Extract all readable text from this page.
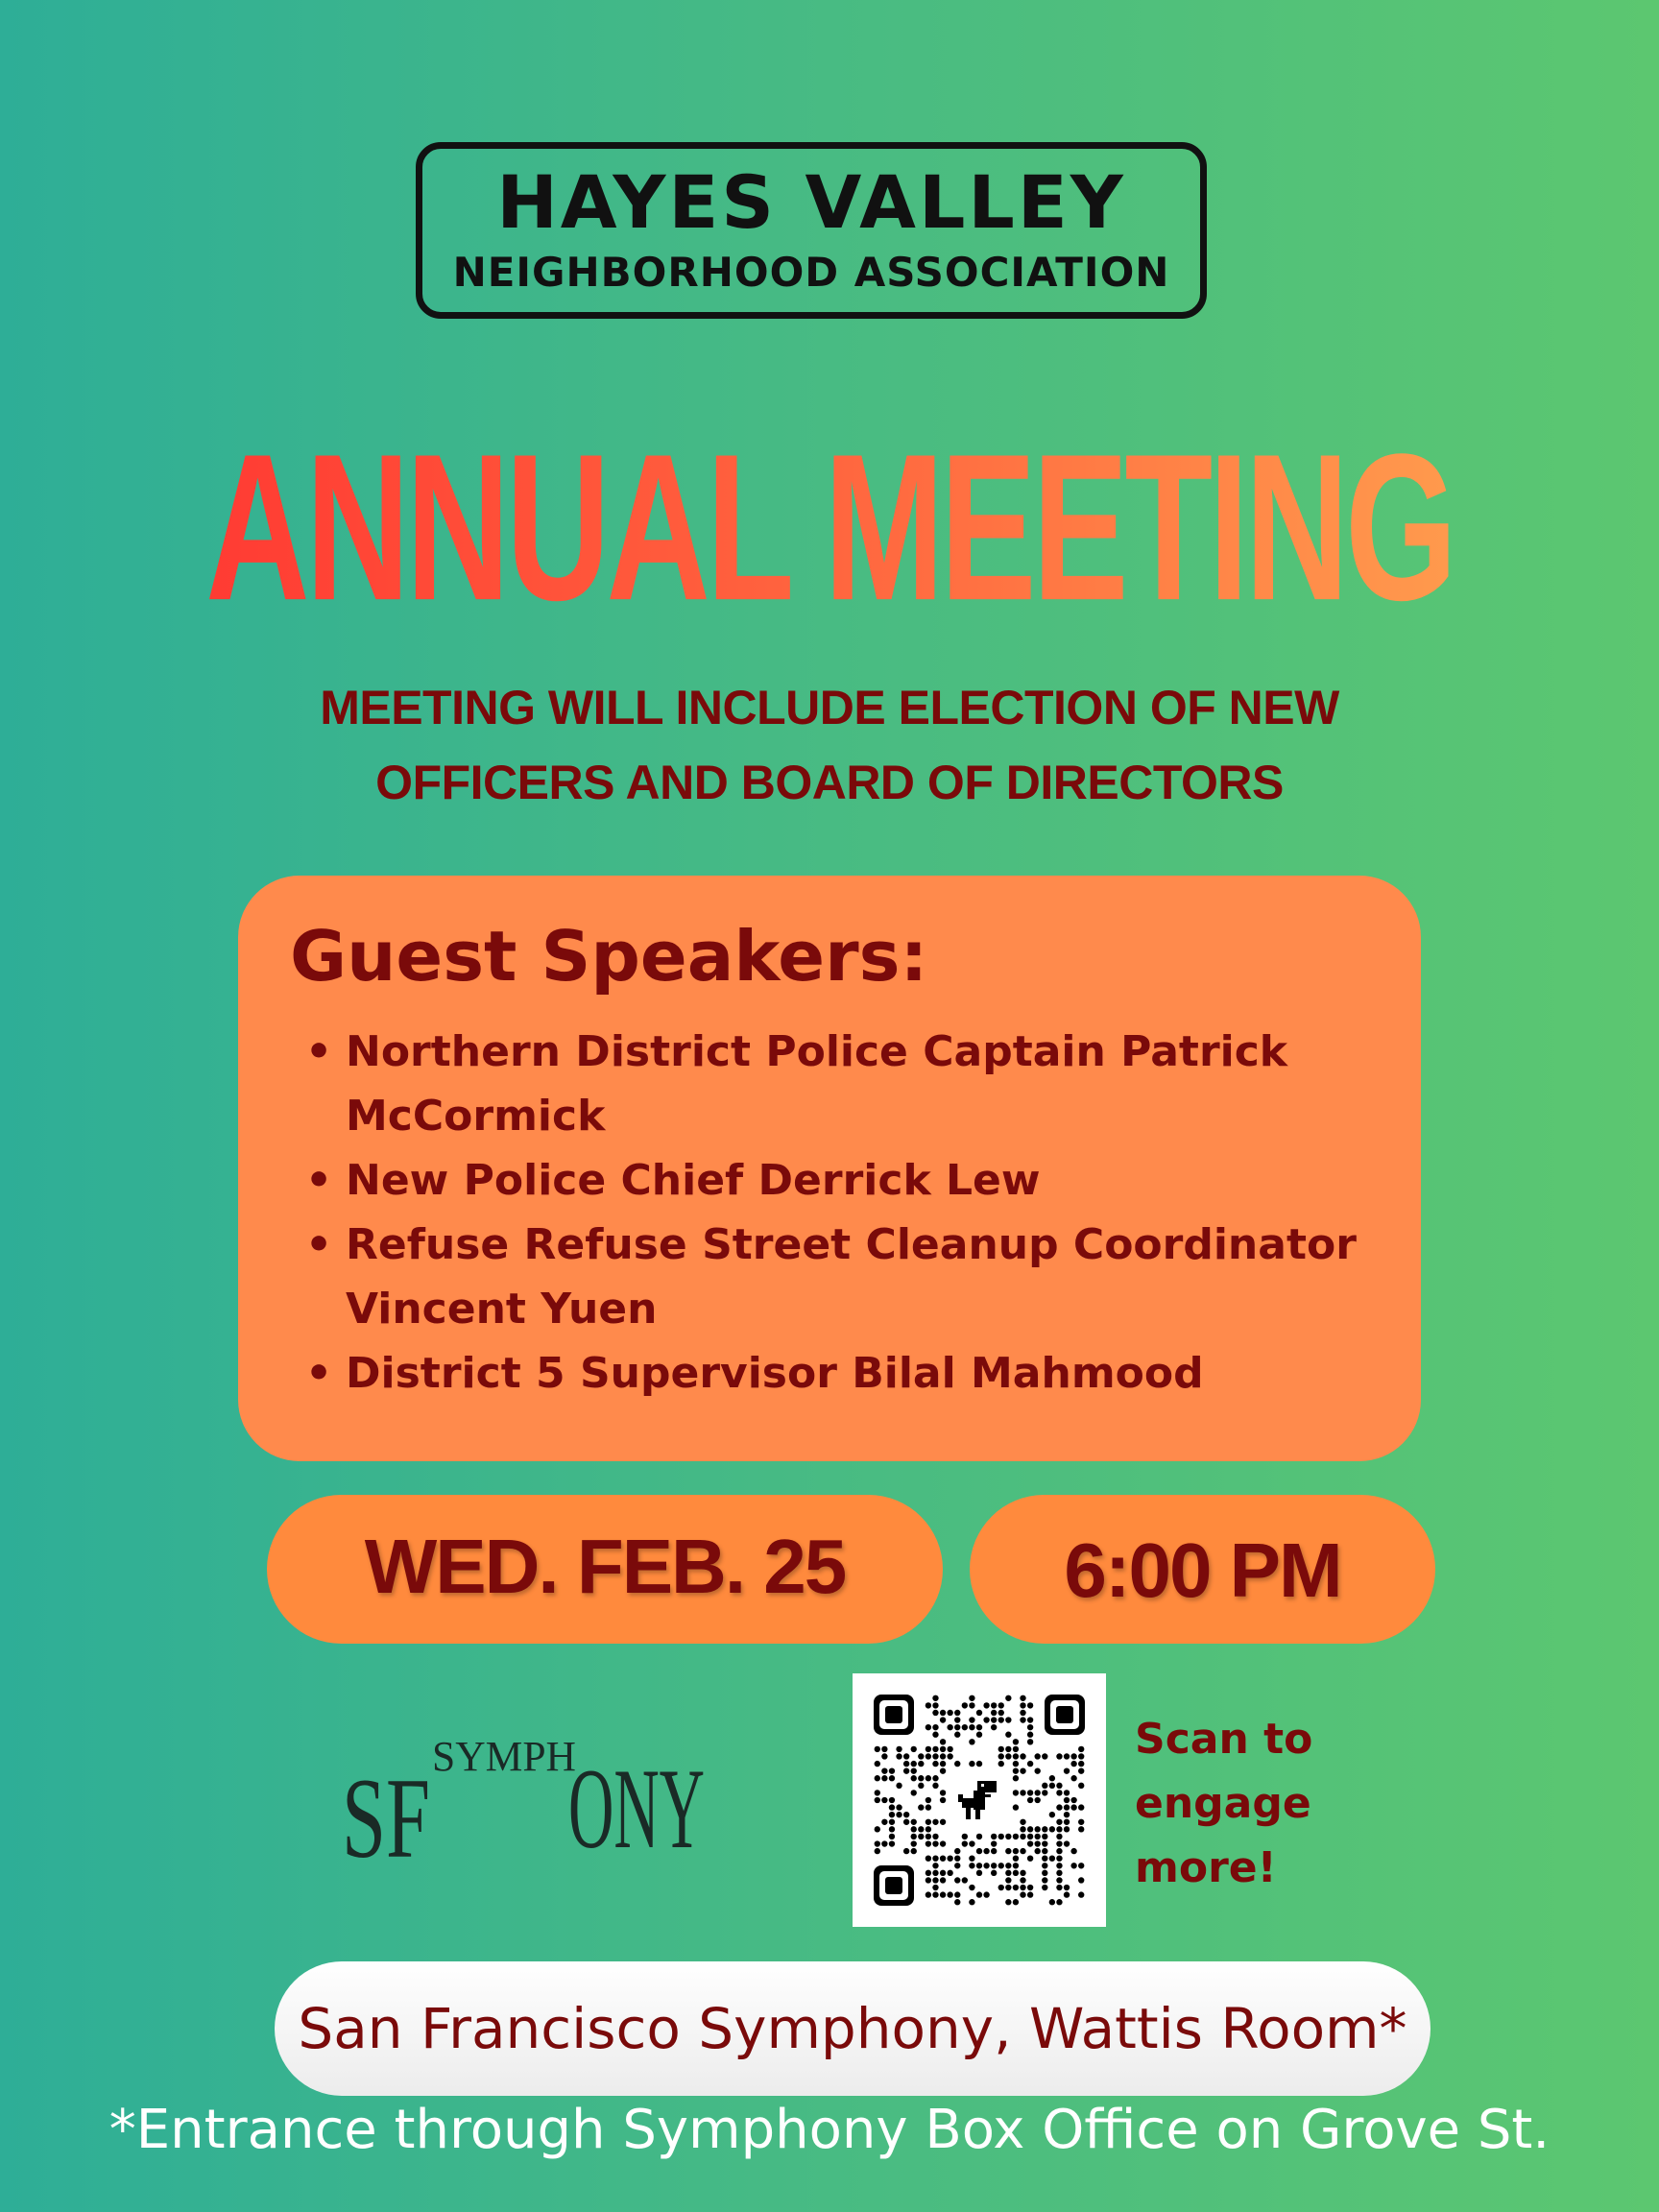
HAYES VALLEY
NEIGHBORHOOD ASSOCIATION
ANNUAL MEETING
MEETING WILL INCLUDE ELECTION OF NEW
OFFICERS AND BOARD OF DIRECTORS
Guest Speakers:
• Northern District Police Captain Patrick McCormick
• New Police Chief Derrick Lew
• Refuse Refuse Street Cleanup Coordinator Vincent Yuen
• District 5 Supervisor Bilal Mahmood
WED. FEB. 25	6:00 PM
SF SYMPH
ONY
Scan to engage more!
San Francisco Symphony, Wattis Room*
*Entrance through Symphony Box Office on Grove St.
